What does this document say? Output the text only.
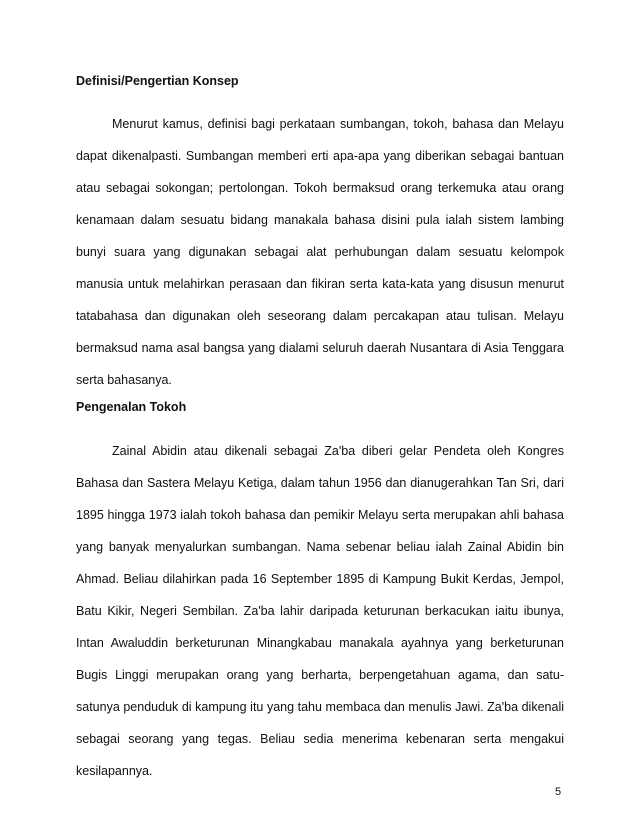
Definisi/Pengertian Konsep

Menurut kamus, definisi bagi perkataan sumbangan, tokoh, bahasa dan Melayu

dapat dikenalpasti. Sumbangan memberi erti apa-apa yang diberikan sebagai bantuan

atau sebagai sokongan; pertolongan. Tokoh bermaksud orang terkemuka atau orang

kenamaan dalam sesuatu bidang manakala bahasa disini pula ialah sistem lambing

bunyi suara yang digunakan sebagai alat perhubungan dalam sesuatu kelompok

manusia untuk melahirkan perasaan dan fikiran serta kata-kata yang disusun menurut

tatabahasa dan digunakan oleh seseorang dalam percakapan atau tulisan. Melayu

bermaksud nama asal bangsa yang dialami seluruh daerah Nusantara di Asia Tenggara

serta bahasanya.

Pengenalan Tokoh

Zainal Abidin atau dikenali sebagai Za'ba diberi gelar Pendeta oleh Kongres

Bahasa dan Sastera Melayu Ketiga, dalam tahun 1956 dan dianugerahkan Tan Sri, dari

1895 hingga 1973 ialah tokoh bahasa dan pemikir Melayu serta merupakan ahli bahasa

yang banyak menyalurkan sumbangan. Nama sebenar beliau ialah Zainal Abidin bin

Ahmad. Beliau dilahirkan pada 16 September 1895 di Kampung Bukit Kerdas, Jempol,

Batu Kikir, Negeri Sembilan. Za'ba lahir daripada keturunan berkacukan iaitu ibunya,

Intan Awaluddin berketurunan Minangkabau manakala ayahnya yang berketurunan

Bugis Linggi merupakan orang yang berharta, berpengetahuan agama, dan satu-

satunya penduduk di kampung itu yang tahu membaca dan menulis Jawi. Za'ba dikenali

sebagai seorang yang tegas. Beliau sedia menerima kebenaran serta mengakui

kesilapannya.

5
